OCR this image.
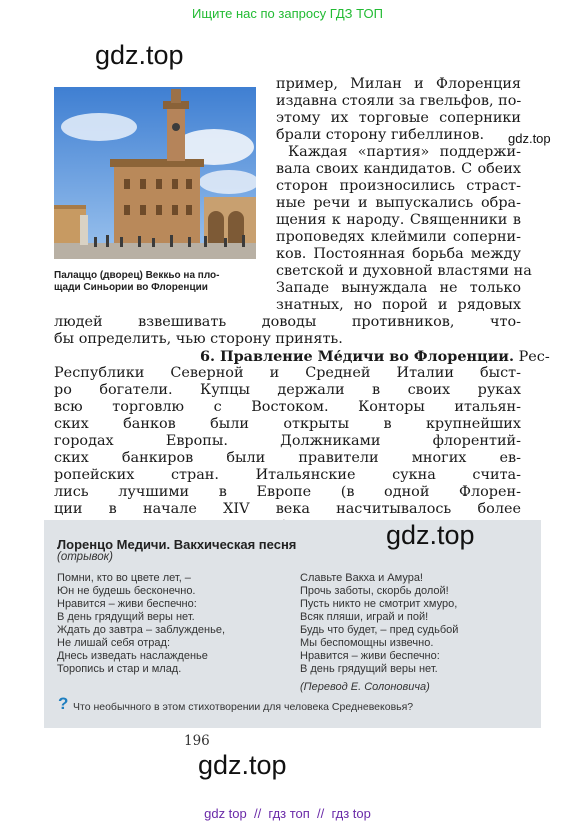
Ищите нас по запросу ГДЗ ТОП
gdz.top
gdz.top
Палаццо (дворец) Веккьо на пло-
щади Синьории во Флоренции
пример, Милан и Флоренция
издавна стояли за гвельфов, по-
этому их торговые соперники
брали сторону гибеллинов.
Каждая «партия» поддержи-
вала своих кандидатов. С обеих
сторон произносились страст-
ные речи и выпускались обра-
щения к народу. Священники в
проповедях клеймили соперни-
ков. Постоянная борьба между
светской и духовной властями на
Западе вынуждала не только
знатных, но порой и рядовых
людей взвешивать доводы противников, что-
бы определить, чью сторону принять.
6. Правление Ме́дичи во Флоренции. Рес-
Республики Северной и Средней Италии быст-
ро богатели. Купцы держали в своих руках
всю торговлю с Востоком. Конторы итальян-
ских банков были открыты в крупнейших
городах Европы. Должниками флорентий-
ских банкиров были правители многих ев-
ропейских стран. Итальянские сукна счита-
лись лучшими в Европе (в одной Флорен-
ции в начале XIV века насчитывалось более
gdz.top
Лоренцо Медичи. Вакхическая песня
(отрывок)
Помни, кто во цвете лет, –
Юн не будешь бесконечно.
Нравится – живи беспечно:
В день грядущий веры нет.
Ждать до завтра – заблужденье,
Не лишай себя отрад:
Днесь изведать наслажденье
Торопись и стар и млад.
Славьте Вакха и Амура!
Прочь заботы, скорбь долой!
Пусть никто не смотрит хмуро,
Всяк пляши, играй и пой!
Будь что будет, – пред судьбой
Мы беспомощны извечно.
Нравится – живи беспечно:
В день грядущий веры нет.
(Перевод Е. Солоновича)
? Что необычного в этом стихотворении для человека Средневековья?
196
gdz.top
gdz top  //  гдз топ  //  гдз top
